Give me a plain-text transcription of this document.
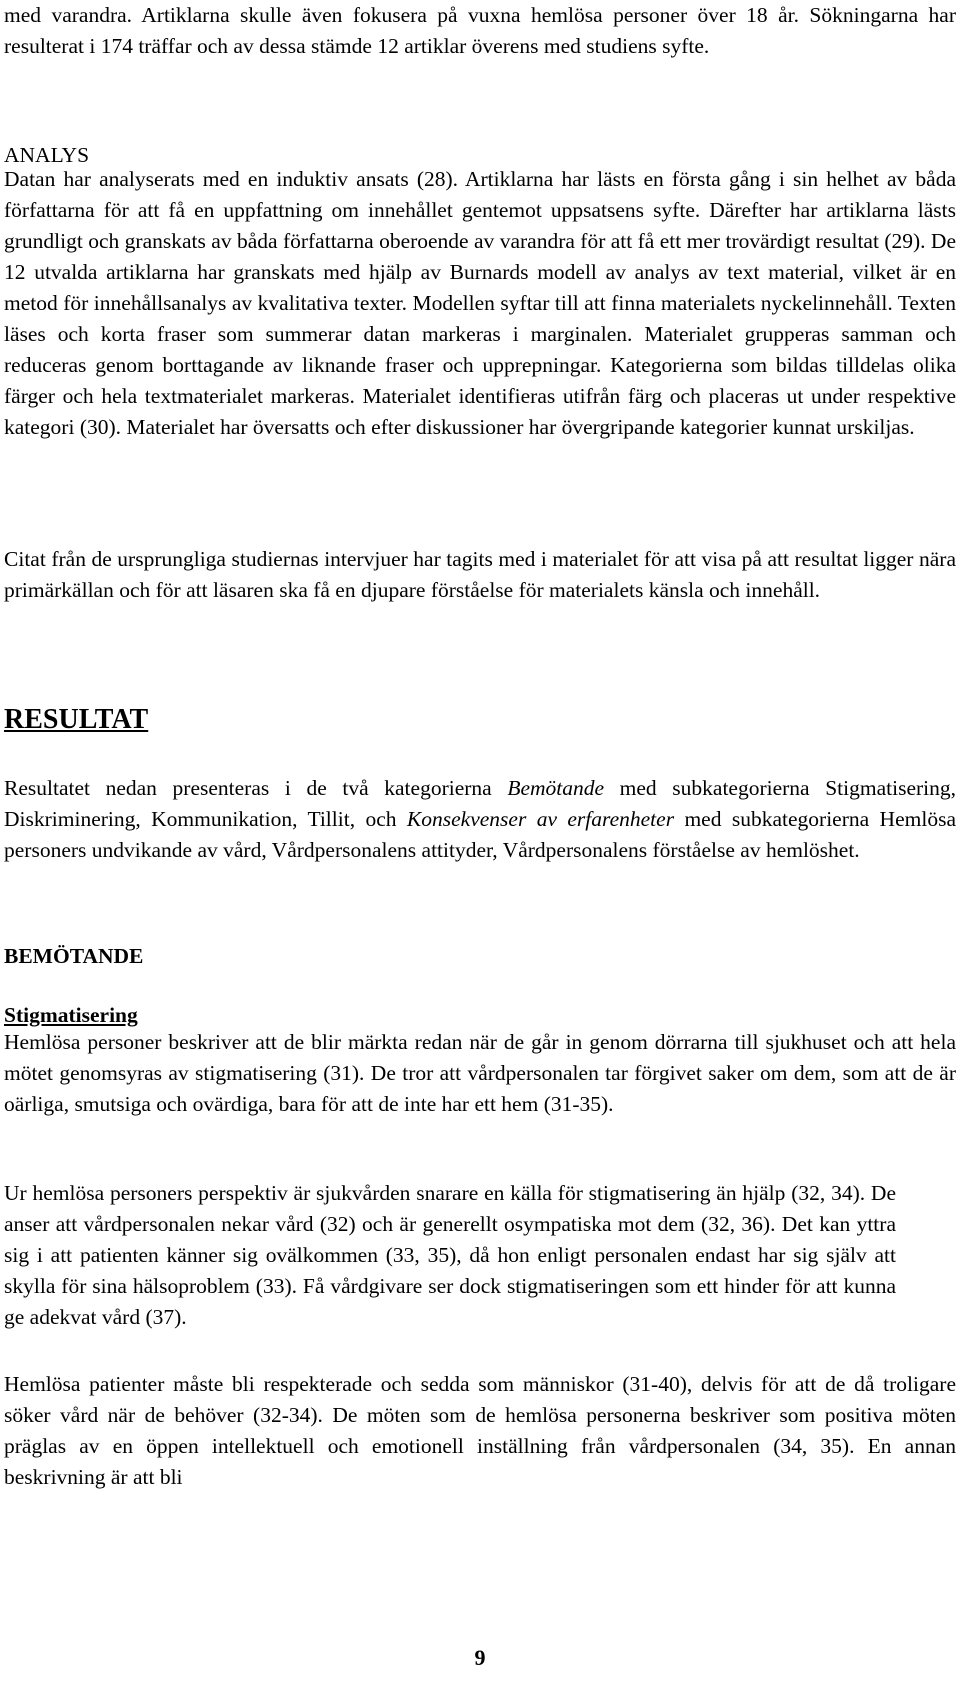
med varandra. Artiklarna skulle även fokusera på vuxna hemlösa personer över 18 år. Sökningarna har resulterat i 174 träffar och av dessa stämde 12 artiklar överens med studiens syfte.

ANALYS

Datan har analyserats med en induktiv ansats (28). Artiklarna har lästs en första gång i sin helhet av båda författarna för att få en uppfattning om innehållet gentemot uppsatsens syfte. Därefter har artiklarna lästs grundligt och granskats av båda författarna oberoende av varandra för att få ett mer trovärdigt resultat (29). De 12 utvalda artiklarna har granskats med hjälp av Burnards modell av analys av text material, vilket är en metod för innehållsanalys av kvalitativa texter. Modellen syftar till att finna materialets nyckelinnehåll. Texten läses och korta fraser som summerar datan markeras i marginalen. Materialet grupperas samman och reduceras genom borttagande av liknande fraser och upprepningar. Kategorierna som bildas tilldelas olika färger och hela textmaterialet markeras. Materialet identifieras utifrån färg och placeras ut under respektive kategori (30). Materialet har översatts och efter diskussioner har övergripande kategorier kunnat urskiljas.

Citat från de ursprungliga studiernas intervjuer har tagits med i materialet för att visa på att resultat ligger nära primärkällan och för att läsaren ska få en djupare förståelse för materialets känsla och innehåll.

RESULTAT

Resultatet nedan presenteras i de två kategorierna Bemötande med subkategorierna Stigmatisering, Diskriminering, Kommunikation, Tillit, och Konsekvenser av erfarenheter med subkategorierna Hemlösa personers undvikande av vård, Vårdpersonalens attityder, Vårdpersonalens förståelse av hemlöshet.

BEMÖTANDE
Stigmatisering

Hemlösa personer beskriver att de blir märkta redan när de går in genom dörrarna till sjukhuset och att hela mötet genomsyras av stigmatisering (31). De tror att vårdpersonalen tar förgivet saker om dem, som att de är oärliga, smutsiga och ovärdiga, bara för att de inte har ett hem (31-35).

Ur hemlösa personers perspektiv är sjukvården snarare en källa för stigmatisering än hjälp (32, 34). De anser att vårdpersonalen nekar vård (32) och är generellt osympatiska mot dem (32, 36). Det kan yttra sig i att patienten känner sig ovälkommen (33, 35), då hon enligt personalen endast har sig själv att skylla för sina hälsoproblem (33). Få vårdgivare ser dock stigmatiseringen som ett hinder för att kunna ge adekvat vård (37).

Hemlösa patienter måste bli respekterade och sedda som människor (31-40), delvis för att de då troligare söker vård när de behöver (32-34). De möten som de hemlösa personerna beskriver som positiva möten präglas av en öppen intellektuell och emotionell inställning från vårdpersonalen (34, 35). En annan beskrivning är att bli

9
